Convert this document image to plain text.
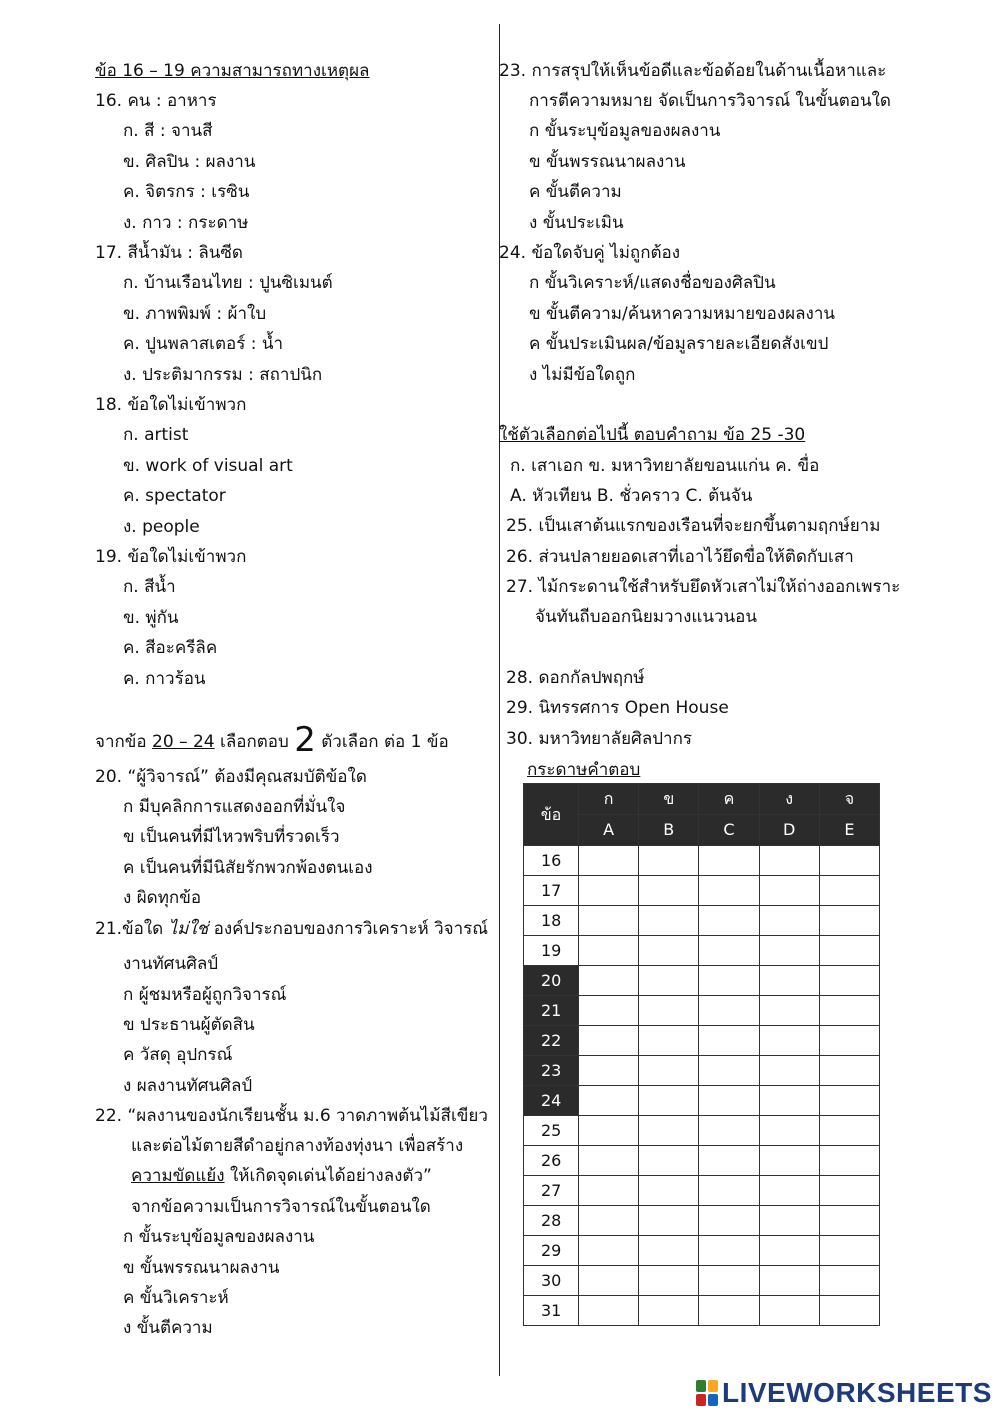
ข้อ 16 – 19 ความสามารถทางเหตุผล
16. คน : อาหาร
ก. สี : จานสี
ข. ศิลปิน : ผลงาน
ค. จิตรกร : เรซิน
ง. กาว : กระดาษ
17. สีน้ำมัน : ลินซีด
ก. บ้านเรือนไทย : ปูนซิเมนต์
ข. ภาพพิมพ์ : ผ้าใบ
ค. ปูนพลาสเตอร์ : น้ำ
ง. ประติมากรรม : สถาปนิก
18. ข้อใดไม่เข้าพวก
ก. artist
ข. work of visual art
ค. spectator
ง. people
19. ข้อใดไม่เข้าพวก
ก. สีน้ำ
ข. พู่กัน
ค. สีอะครีลิค
ค. กาวร้อน
จากข้อ 20 – 24 เลือกตอบ 2 ตัวเลือก ต่อ 1 ข้อ
20. “ผู้วิจารณ์” ต้องมีคุณสมบัติข้อใด
ก มีบุคลิกการแสดงออกที่มั่นใจ
ข เป็นคนที่มีไหวพริบที่รวดเร็ว
ค เป็นคนที่มีนิสัยรักพวกพ้องตนเอง
ง ผิดทุกข้อ
21.ข้อใด ไม่ใช่ องค์ประกอบของการวิเคราะห์ วิจารณ์
งานทัศนศิลป์
ก ผู้ชมหรือผู้ถูกวิจารณ์
ข ประธานผู้ตัดสิน
ค วัสดุ อุปกรณ์
ง ผลงานทัศนศิลป์
22. “ผลงานของนักเรียนชั้น ม.6 วาดภาพต้นไม้สีเขียว
และต่อไม้ตายสีดำอยู่กลางท้องทุ่งนา เพื่อสร้าง
ความขัดแย้ง ให้เกิดจุดเด่นได้อย่างลงตัว”
จากข้อความเป็นการวิจารณ์ในขั้นตอนใด
ก ขั้นระบุข้อมูลของผลงาน
ข ขั้นพรรณนาผลงาน
ค ขั้นวิเคราะห์
ง ขั้นตีความ
23. การสรุปให้เห็นข้อดีและข้อด้อยในด้านเนื้อหาและ
การตีความหมาย จัดเป็นการวิจารณ์ ในขั้นตอนใด
ก ขั้นระบุข้อมูลของผลงาน
ข ขั้นพรรณนาผลงาน
ค ขั้นตีความ
ง ขั้นประเมิน
24. ข้อใดจับคู่ ไม่ถูกต้อง
ก ขั้นวิเคราะห์/แสดงชื่อของศิลปิน
ข ขั้นตีความ/ค้นหาความหมายของผลงาน
ค ขั้นประเมินผล/ข้อมูลรายละเอียดสังเขป
ง ไม่มีข้อใดถูก
ใช้ตัวเลือกต่อไปนี้ ตอบคำถาม ข้อ 25 -30
ก. เสาเอก ข. มหาวิทยาลัยขอนแก่น ค. ขื่อ
A. หัวเทียน B. ชั่วคราว C. ต้นจัน
25. เป็นเสาต้นแรกของเรือนที่จะยกขึ้นตามฤกษ์ยาม
26. ส่วนปลายยอดเสาที่เอาไว้ยึดขื่อให้ติดกับเสา
27. ไม้กระดานใช้สำหรับยึดหัวเสาไม่ให้ถ่างออกเพราะ
จันทันถีบออกนิยมวางแนวนอน
28. ดอกกัลปพฤกษ์
29. นิทรรศการ Open House
30. มหาวิทยาลัยศิลปากร
กระดาษคำตอบ
ข้อ	ก	ข	ค	ง	จ
	A	B	C	D	E
16					
17					
18					
19					
20					
21					
22					
23					
24					
25					
26					
27					
28					
29					
30					
31					
LIVEWORKSHEETS
